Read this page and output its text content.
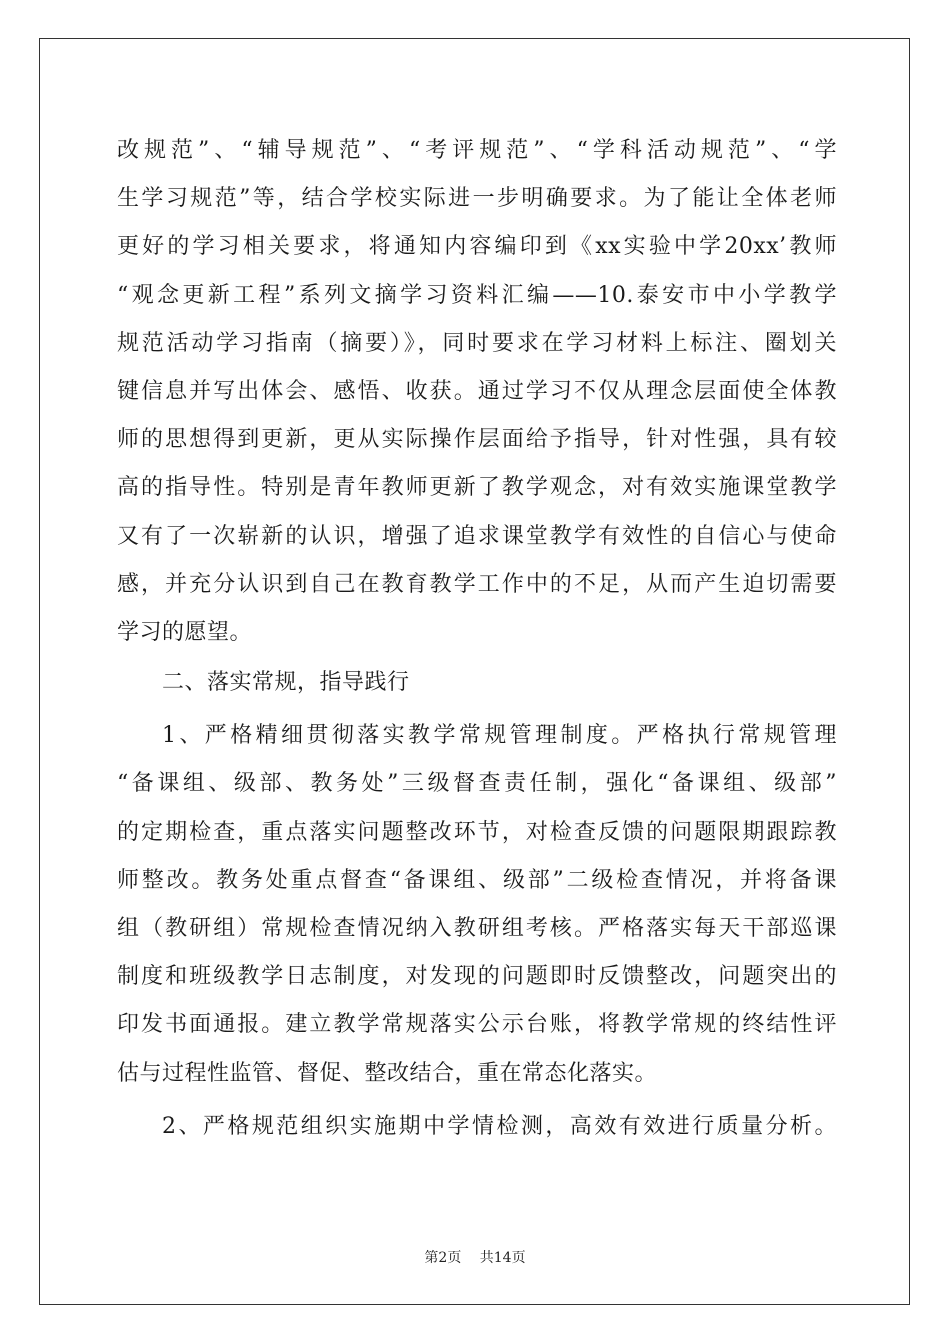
改规范”、“辅导规范”、“考评规范”、“学科活动规范”、“学
生学习规范”等，结合学校实际进一步明确要求。为了能让全体老师
更好的学习相关要求，将通知内容编印到《xx实验中学20xx’教师
“观念更新工程”系列文摘学习资料汇编——10.泰安市中小学教学
规范活动学习指南（摘要）》，同时要求在学习材料上标注、圈划关
键信息并写出体会、感悟、收获。通过学习不仅从理念层面使全体教
师的思想得到更新，更从实际操作层面给予指导，针对性强，具有较
高的指导性。特别是青年教师更新了教学观念，对有效实施课堂教学
又有了一次崭新的认识，增强了追求课堂教学有效性的自信心与使命
感，并充分认识到自己在教育教学工作中的不足，从而产生迫切需要
学习的愿望。
二、落实常规，指导践行
1、严格精细贯彻落实教学常规管理制度。严格执行常规管理
“备课组、级部、教务处”三级督查责任制，强化“备课组、级部”
的定期检查，重点落实问题整改环节，对检查反馈的问题限期跟踪教
师整改。教务处重点督查“备课组、级部”二级检查情况，并将备课
组（教研组）常规检查情况纳入教研组考核。严格落实每天干部巡课
制度和班级教学日志制度，对发现的问题即时反馈整改，问题突出的
印发书面通报。建立教学常规落实公示台账，将教学常规的终结性评
估与过程性监管、督促、整改结合，重在常态化落实。
2、严格规范组织实施期中学情检测，高效有效进行质量分析。
第2页　 共14页
